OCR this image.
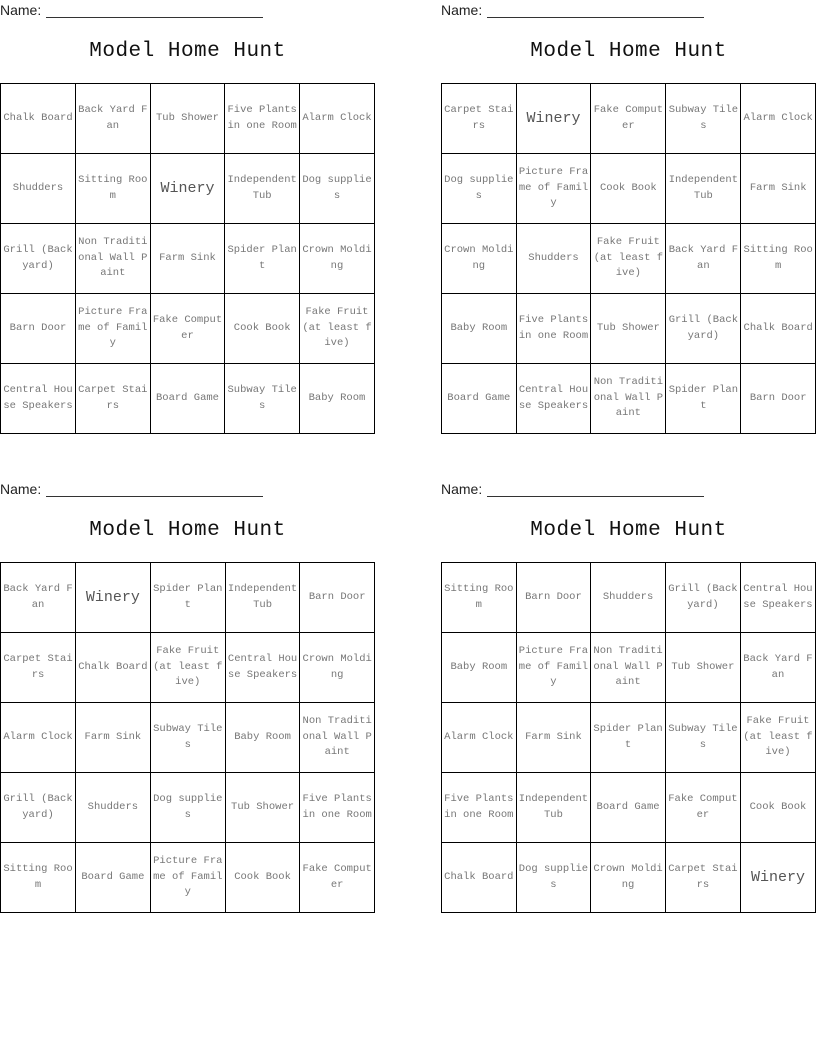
Name:
Model Home Hunt
Chalk Board	Back Yard Fan	Tub Shower	Five Plants in one Room	Alarm Clock
Shudders	Sitting Room	Winery	Independent Tub	Dog supplies
Grill (Backyard)	Non Traditional Wall Paint	Farm Sink	Spider Plant	Crown Molding
Barn Door	Picture Frame of Family	Fake Computer	Cook Book	Fake Fruit (at least five)
Central House Speakers	Carpet Stairs	Board Game	Subway Tiles	Baby Room
Name:
Model Home Hunt
Carpet Stairs	Winery	Fake Computer	Subway Tiles	Alarm Clock
Dog supplies	Picture Frame of Family	Cook Book	Independent Tub	Farm Sink
Crown Molding	Shudders	Fake Fruit (at least five)	Back Yard Fan	Sitting Room
Baby Room	Five Plants in one Room	Tub Shower	Grill (Backyard)	Chalk Board
Board Game	Central House Speakers	Non Traditional Wall Paint	Spider Plant	Barn Door
Name:
Model Home Hunt
Back Yard Fan	Winery	Spider Plant	Independent Tub	Barn Door
Carpet Stairs	Chalk Board	Fake Fruit (at least five)	Central House Speakers	Crown Molding
Alarm Clock	Farm Sink	Subway Tiles	Baby Room	Non Traditional Wall Paint
Grill (Backyard)	Shudders	Dog supplies	Tub Shower	Five Plants in one Room
Sitting Room	Board Game	Picture Frame of Family	Cook Book	Fake Computer
Name:
Model Home Hunt
Sitting Room	Barn Door	Shudders	Grill (Backyard)	Central House Speakers
Baby Room	Picture Frame of Family	Non Traditional Wall Paint	Tub Shower	Back Yard Fan
Alarm Clock	Farm Sink	Spider Plant	Subway Tiles	Fake Fruit (at least five)
Five Plants in one Room	Independent Tub	Board Game	Fake Computer	Cook Book
Chalk Board	Dog supplies	Crown Molding	Carpet Stairs	Winery
